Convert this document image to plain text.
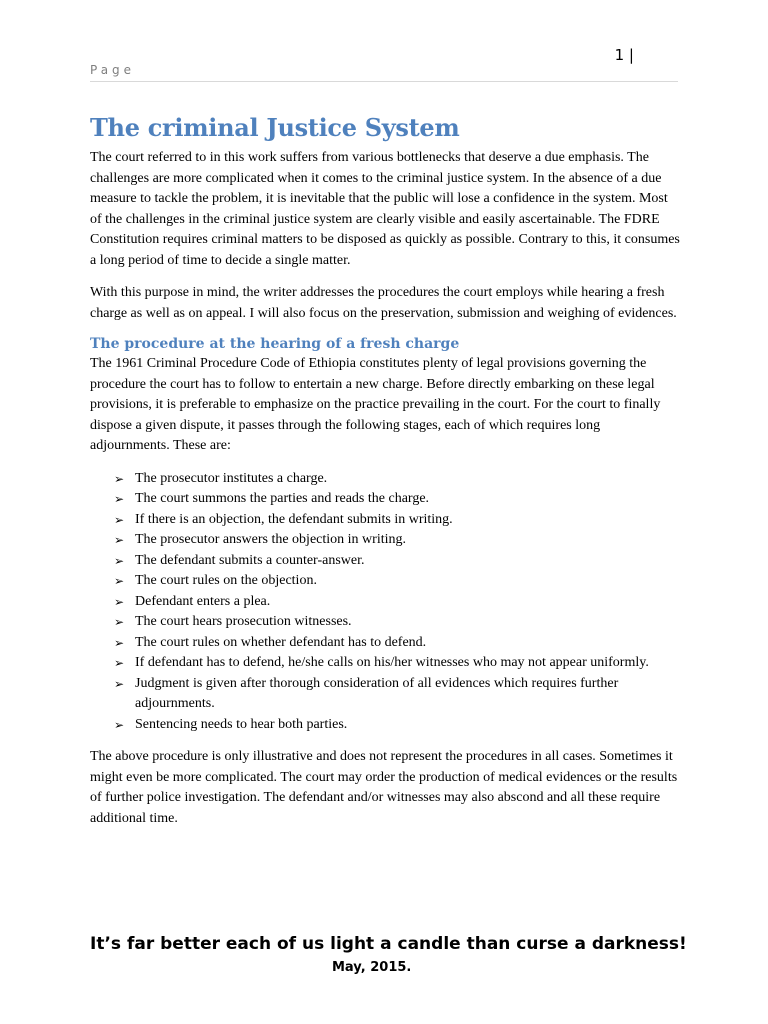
1 |
Page
The criminal Justice System

The court referred to in this work suffers from various bottlenecks that deserve a due emphasis. The challenges are more complicated when it comes to the criminal justice system. In the absence of a due measure to tackle the problem, it is inevitable that the public will lose a confidence in the system. Most of the challenges in the criminal justice system are clearly visible and easily ascertainable. The FDRE Constitution requires criminal matters to be disposed as quickly as possible. Contrary to this, it consumes a long period of time to decide a single matter.

With this purpose in mind, the writer addresses the procedures the court employs while hearing a fresh charge as well as on appeal. I will also focus on the preservation, submission and weighing of evidences.

The procedure at the hearing of a fresh charge

The 1961 Criminal Procedure Code of Ethiopia constitutes plenty of legal provisions governing the procedure the court has to follow to entertain a new charge. Before directly embarking on these legal provisions, it is preferable to emphasize on the practice prevailing in the court. For the court to finally dispose a given dispute, it passes through the following stages, each of which requires long adjournments. These are:

➢ The prosecutor institutes a charge.
➢ The court summons the parties and reads the charge.
➢ If there is an objection, the defendant submits in writing.
➢ The prosecutor answers the objection in writing.
➢ The defendant submits a counter-answer.
➢ The court rules on the objection.
➢ Defendant enters a plea.
➢ The court hears prosecution witnesses.
➢ The court rules on whether defendant has to defend.
➢ If defendant has to defend, he/she calls on his/her witnesses who may not appear uniformly.
➢ Judgment is given after thorough consideration of all evidences which requires further adjournments.
➢ Sentencing needs to hear both parties.

The above procedure is only illustrative and does not represent the procedures in all cases. Sometimes it might even be more complicated. The court may order the production of medical evidences or the results of further police investigation. The defendant and/or witnesses may also abscond and all these require additional time.

It’s far better each of us light a candle than curse a darkness!
May, 2015.
